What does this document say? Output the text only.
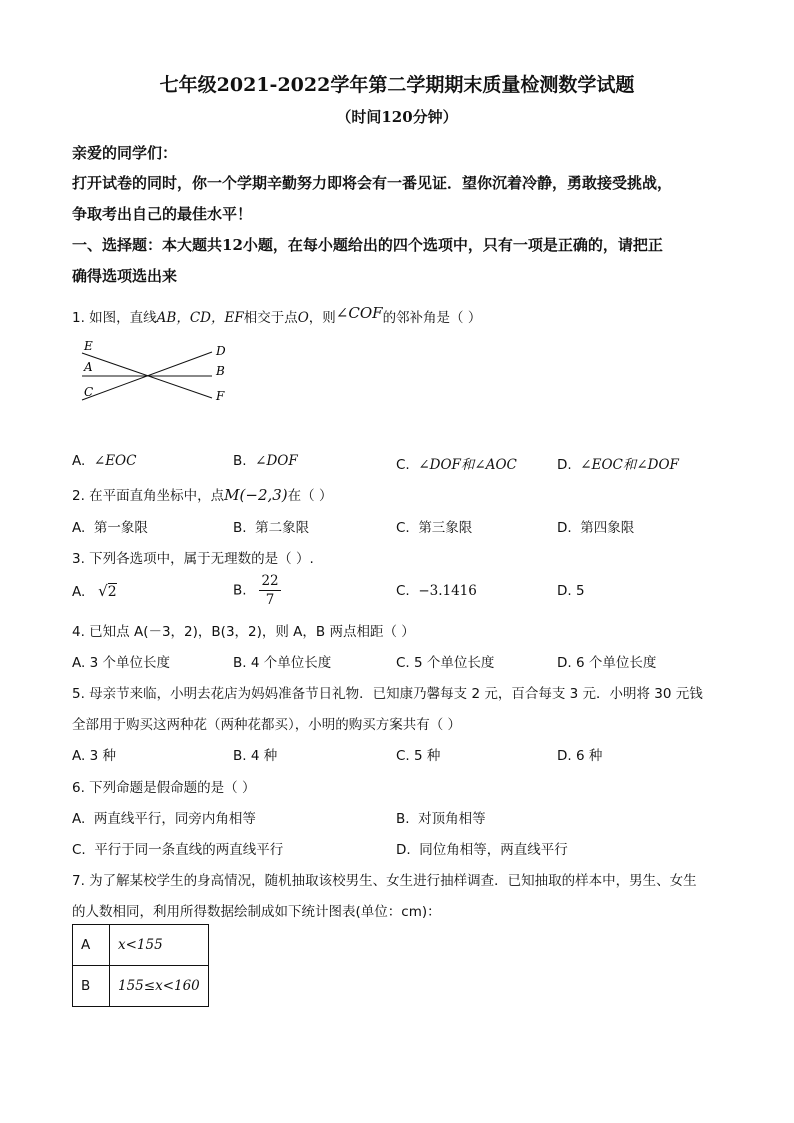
七年级2021-2022学年第二学期期末质量检测数学试题
（时间120分钟）
亲爱的同学们：
打开试卷的同时，你一个学期辛勤努力即将会有一番见证．望你沉着冷静，勇敢接受挑战，
争取考出自己的最佳水平！
一、选择题：本大题共12小题，在每小题给出的四个选项中，只有一项是正确的，请把正
确得选项选出来
1. 如图，直线AB，CD，EF相交于点O，则∠COF的邻补角是（ ）
E
A
C
D
B
F
A. ∠EOC	B. ∠DOF	C. ∠DOF和∠AOC	D. ∠EOC和∠DOF
2. 在平面直角坐标中，点M(−2,3)在（ ）
A. 第一象限	B. 第二象限	C. 第三象限	D. 第四象限
3. 下列各选项中，属于无理数的是（ ）.
A. √2	B. $\frac{22}{7}$	C. −3.1416	D. 5
4. 已知点 A(－3，2)，B(3，2)，则 A，B 两点相距（ ）
A. 3 个单位长度	B. 4 个单位长度	C. 5 个单位长度	D. 6 个单位长度
5. 母亲节来临，小明去花店为妈妈准备节日礼物．已知康乃馨每支 2 元，百合每支 3 元．小明将 30 元钱
全部用于购买这两种花（两种花都买），小明的购买方案共有（ ）
A. 3 种	B. 4 种	C. 5 种	D. 6 种
6. 下列命题是假命题的是（ ）
A. 两直线平行，同旁内角相等	B. 对顶角相等
C. 平行于同一条直线的两直线平行	D. 同位角相等，两直线平行
7. 为了解某校学生的身高情况，随机抽取该校男生、女生进行抽样调查．已知抽取的样本中，男生、女生
的人数相同，利用所得数据绘制成如下统计图表(单位：cm)：
A	x<155
B	155≤x<160
